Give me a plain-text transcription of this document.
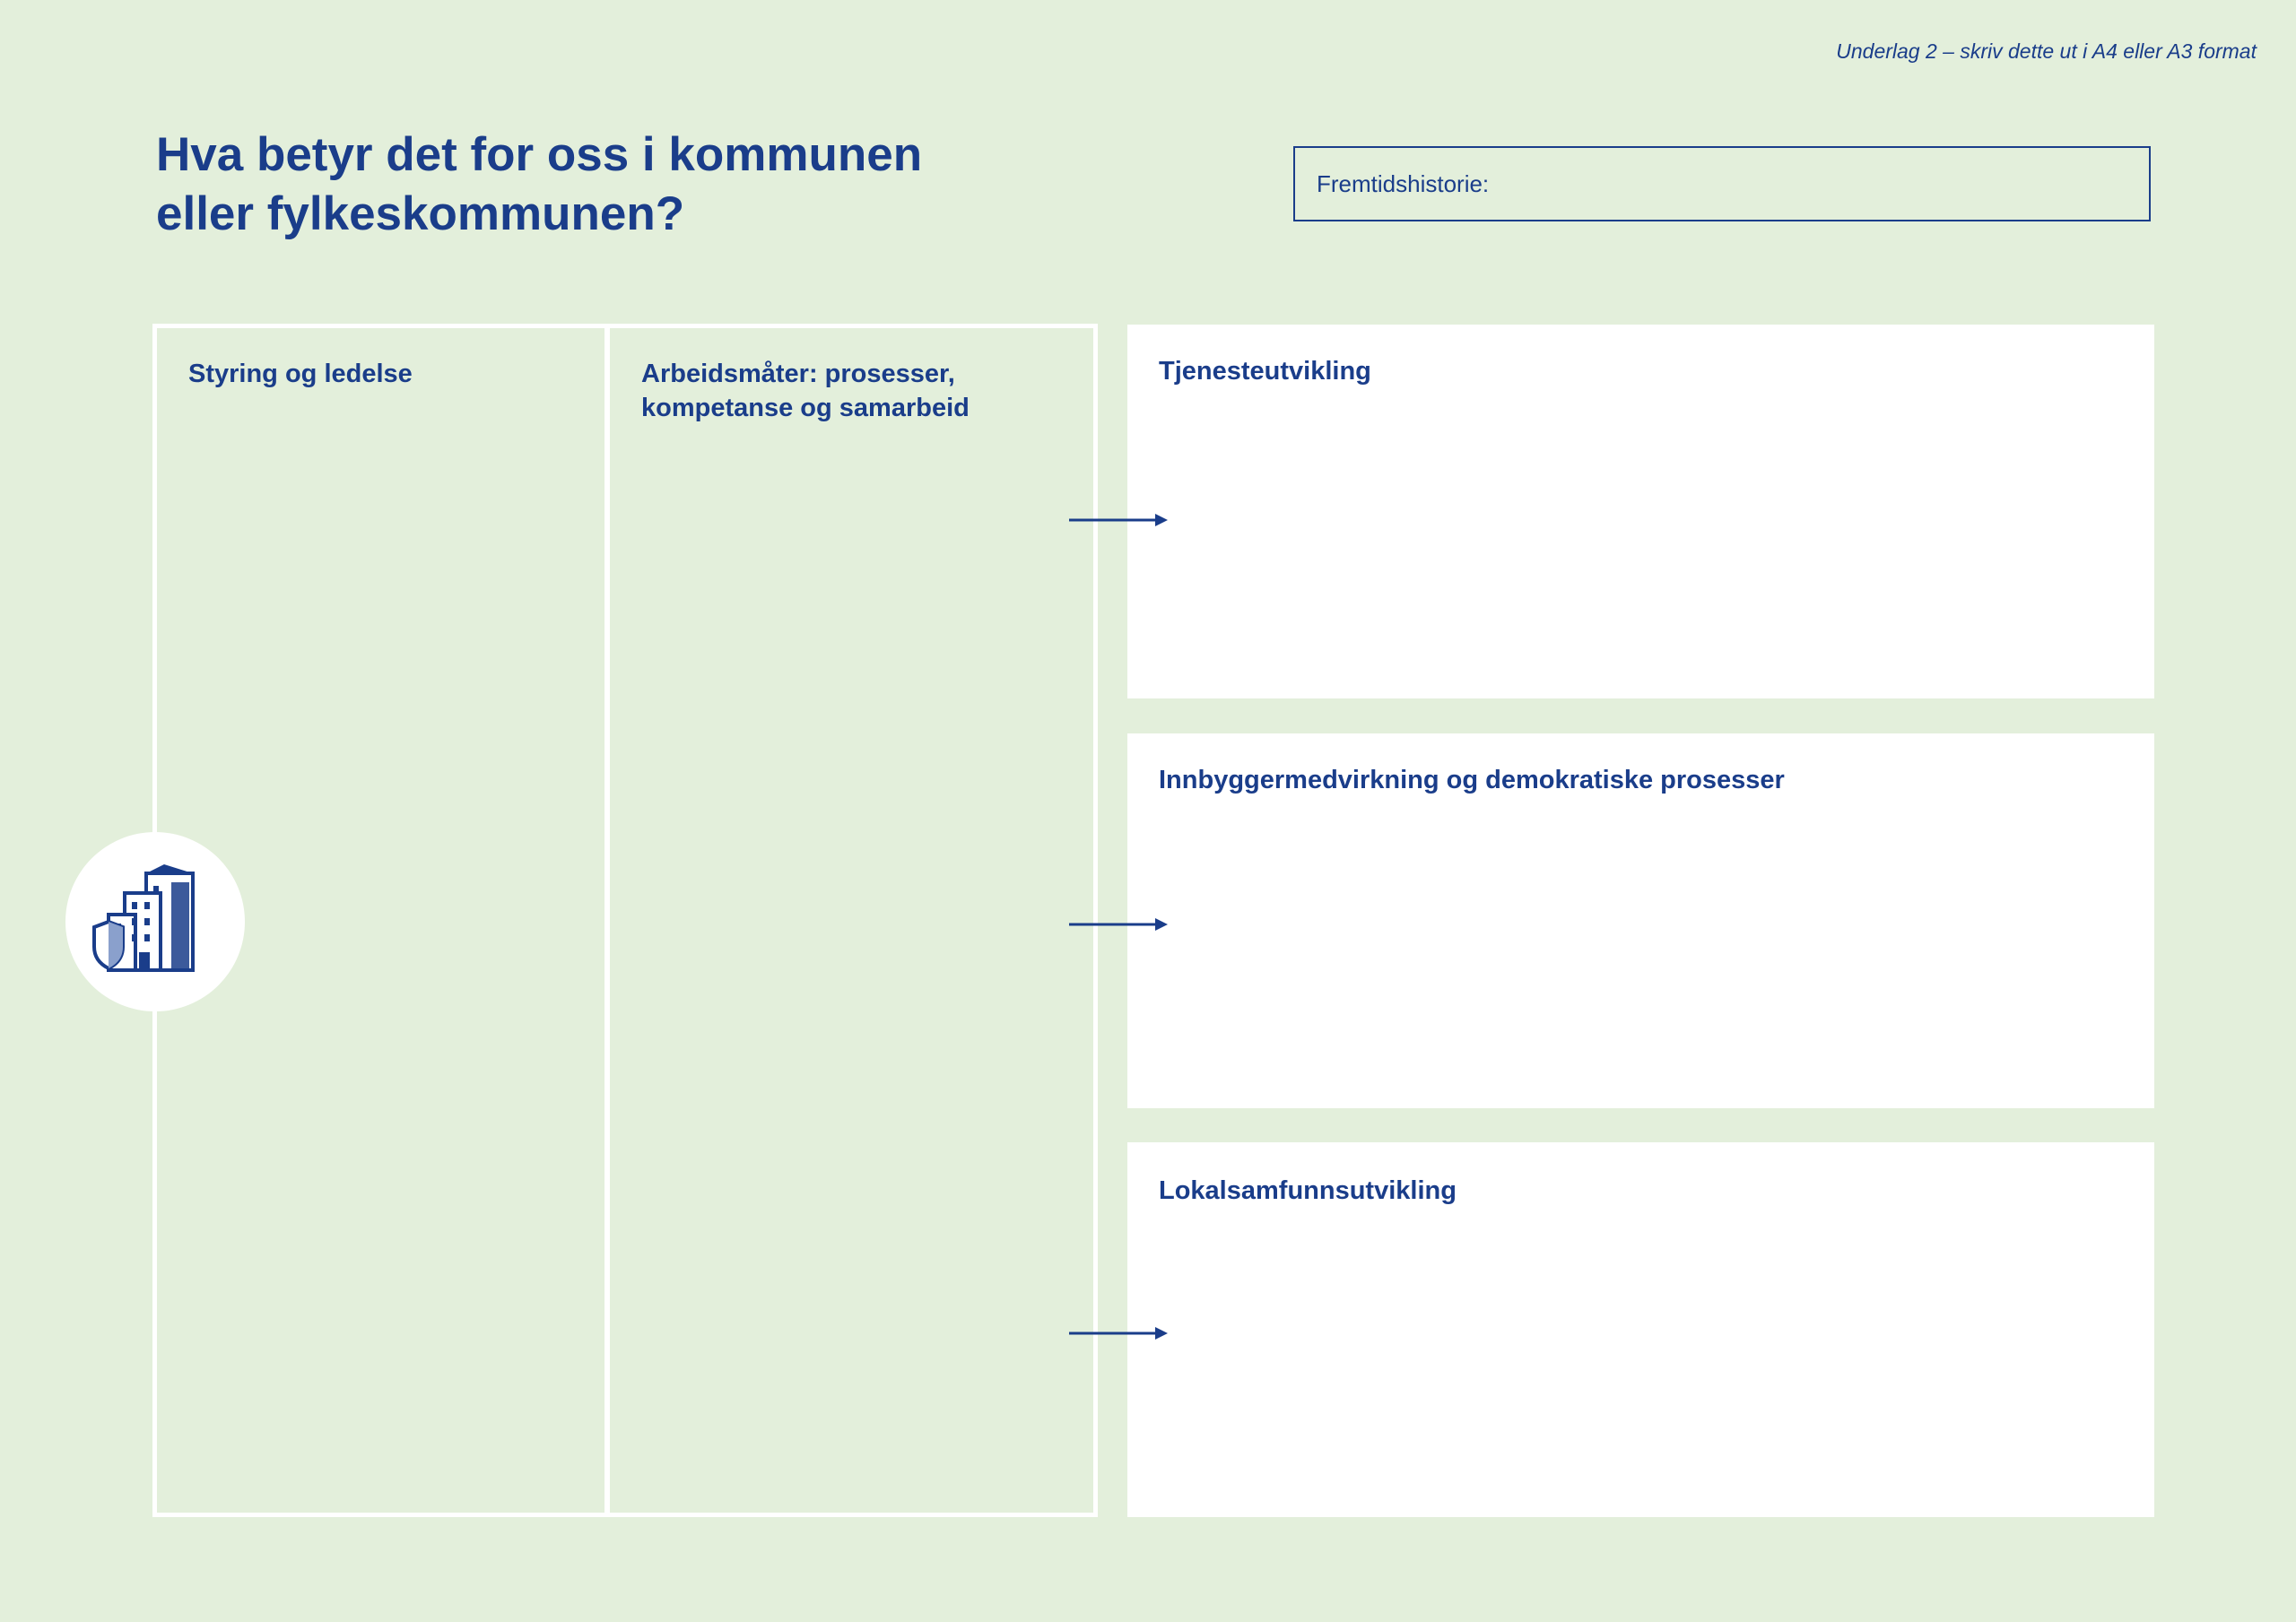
Underlag 2 – skriv dette ut i A4 eller A3 format
Hva betyr det for oss i kommunen
eller fylkeskommunen?
Fremtidshistorie:

Styring og ledelse	Arbeidsmåter: prosesser,
kompetanse og samarbeid

Tjenesteutvikling
Innbyggermedvirkning og demokratiske prosesser
Lokalsamfunnsutvikling
